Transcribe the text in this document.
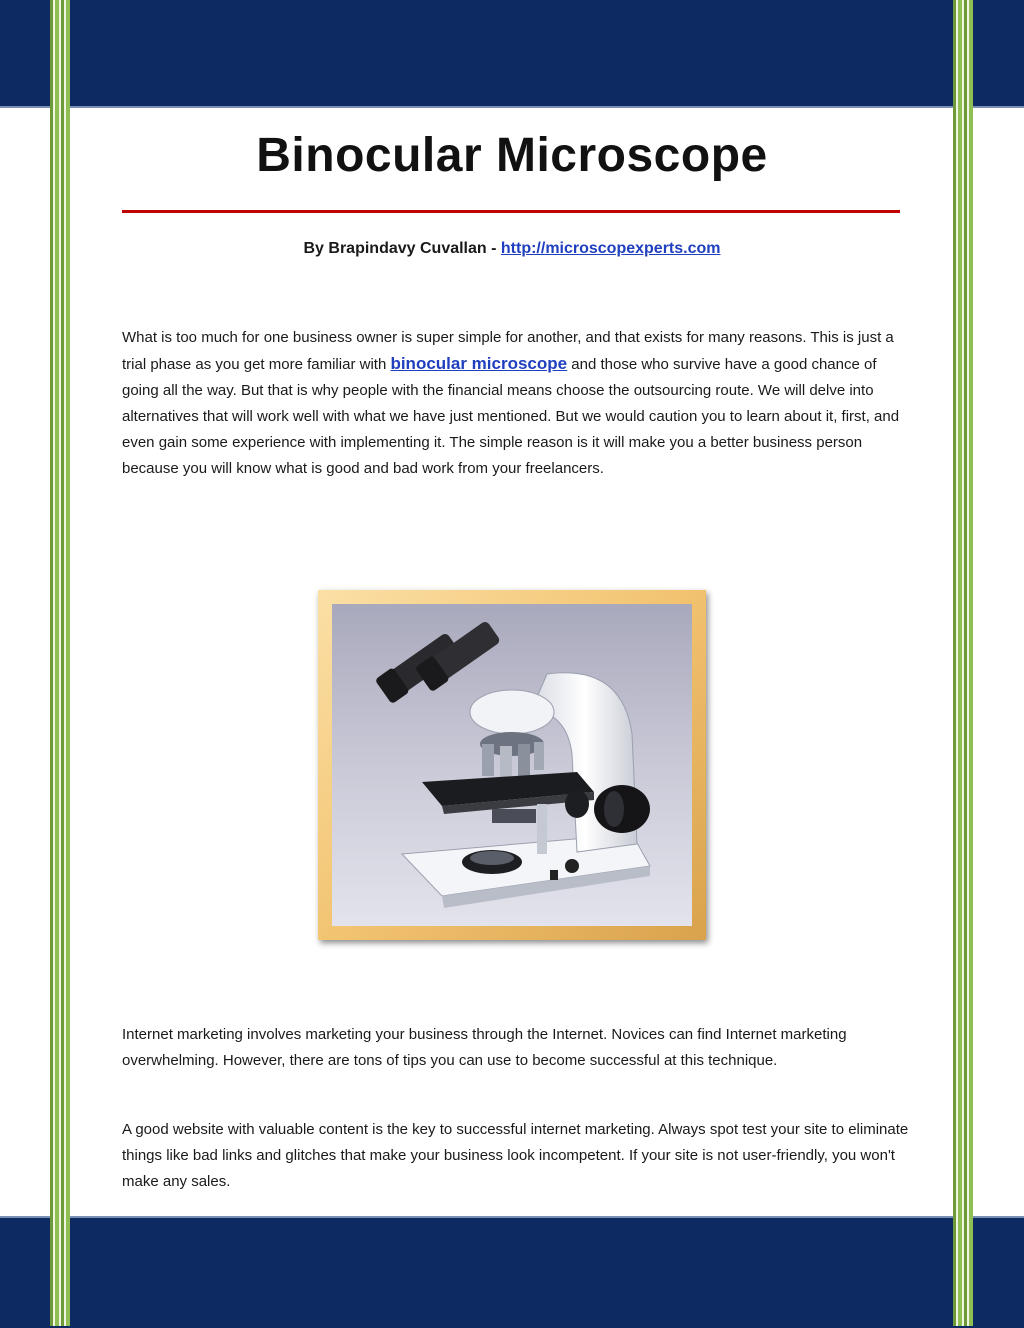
Binocular Microscope
By Brapindavy Cuvallan - http://microscopexperts.com

What is too much for one business owner is super simple for another, and that exists for many reasons. This is just a trial phase as you get more familiar with binocular microscope and those who survive have a good chance of going all the way. But that is why people with the financial means choose the outsourcing route. We will delve into alternatives that will work well with what we have just mentioned. But we would caution you to learn about it, first, and even gain some experience with implementing it. The simple reason is it will make you a better business person because you will know what is good and bad work from your freelancers.

Internet marketing involves marketing your business through the Internet. Novices can find Internet marketing overwhelming. However, there are tons of tips you can use to become successful at this technique.

A good website with valuable content is the key to successful internet marketing. Always spot test your site to eliminate things like bad links and glitches that make your business look incompetent. If your site is not user-friendly, you won't make any sales.
